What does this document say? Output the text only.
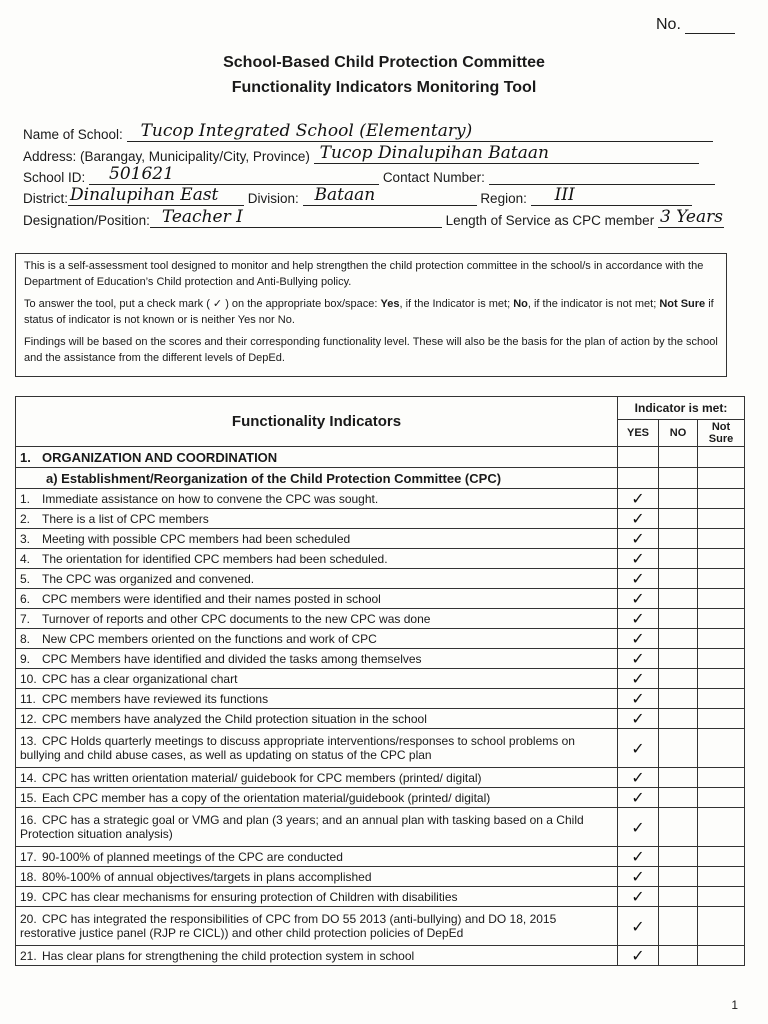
No.
School-Based Child Protection Committee
Functionality Indicators Monitoring Tool
Name of School: Tucop Integrated School (Elementary)
Address: (Barangay, Municipality/City, Province) Tucop Dinalupihan Bataan
School ID: 501621	Contact Number:
District: Dinalupihan East Division: Bataan	Region: III
Designation/Position: Teacher I	Length of Service as CPC member 3 Years

This is a self-assessment tool designed to monitor and help strengthen the child protection committee in the school/s in accordance with the Department of Education’s Child protection and Anti-Bullying policy.

To answer the tool, put a check mark ( ✓ ) on the appropriate box/space: Yes, if the Indicator is met; No, if the indicator is not met; Not Sure if status of indicator is not known or is neither Yes nor No.

Findings will be based on the scores and their corresponding functionality level. These will also be the basis for the plan of action by the school and the assistance from the different levels of DepEd.

Functionality Indicators	Indicator is met:		
	YES	NO	Not Sure
1. ORGANIZATION AND COORDINATION			
a) Establishment/Reorganization of the Child Protection Committee (CPC)			
1. Immediate assistance on how to convene the CPC was sought.	✓		
2. There is a list of CPC members	✓		
3. Meeting with possible CPC members had been scheduled	✓		
4. The orientation for identified CPC members had been scheduled.	✓		
5. The CPC was organized and convened.	✓		
6. CPC members were identified and their names posted in school	✓		
7. Turnover of reports and other CPC documents to the new CPC was done	✓		
8. New CPC members oriented on the functions and work of CPC	✓		
9. CPC Members have identified and divided the tasks among themselves	✓		
10. CPC has a clear organizational chart	✓		
11. CPC members have reviewed its functions	✓		
12. CPC members have analyzed the Child protection situation in the school	✓		
13. CPC Holds quarterly meetings to discuss appropriate interventions/responses to school problems on bullying and child abuse cases, as well as updating on status of the CPC plan	✓		
14. CPC has written orientation material/ guidebook for CPC members (printed/ digital)	✓		
15. Each CPC member has a copy of the orientation material/guidebook (printed/ digital)	✓		
16. CPC has a strategic goal or VMG and plan (3 years; and an annual plan with tasking based on a Child Protection situation analysis)	✓		
17. 90-100% of planned meetings of the CPC are conducted	✓		
18. 80%-100% of annual objectives/targets in plans accomplished	✓		
19. CPC has clear mechanisms for ensuring protection of Children with disabilities	✓		
20. CPC has integrated the responsibilities of CPC from DO 55 2013 (anti-bullying) and DO 18, 2015 restorative justice panel (RJP re CICL)) and other child protection policies of DepEd	✓		
21. Has clear plans for strengthening the child protection system in school	✓		
1
